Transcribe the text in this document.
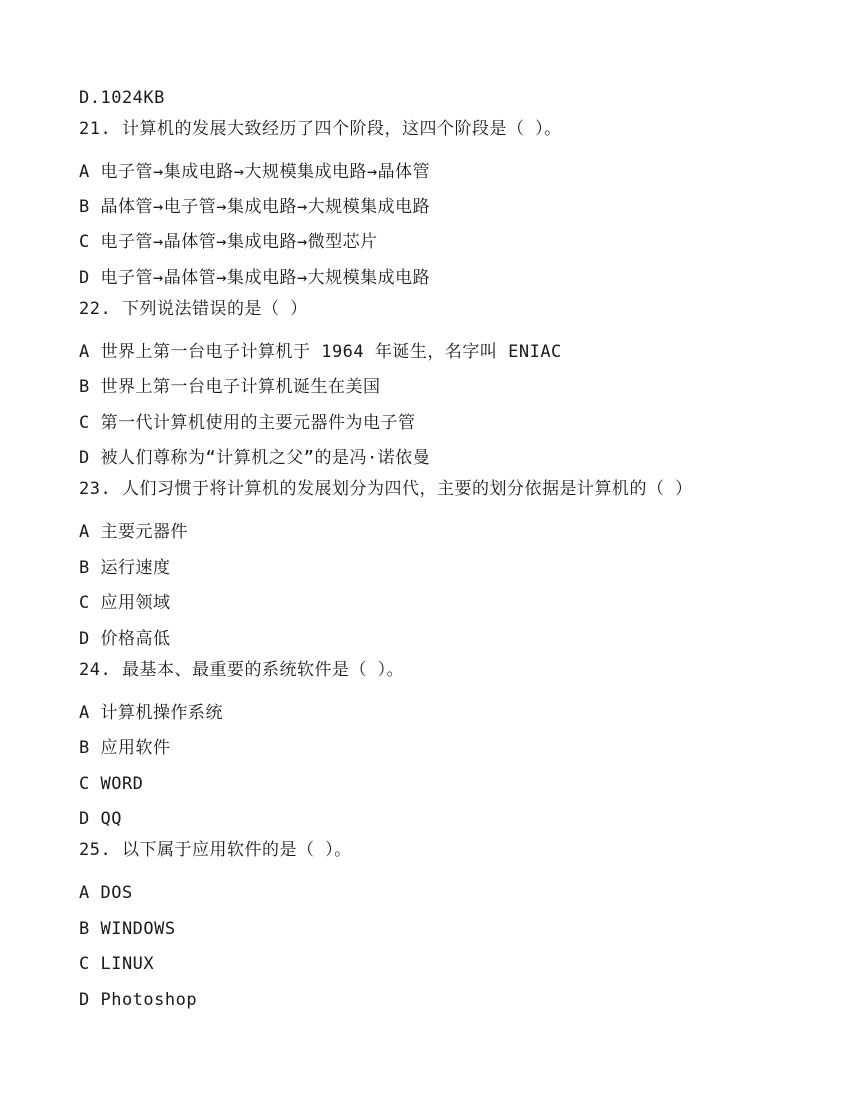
D.1024KB
21. 计算机的发展大致经历了四个阶段，这四个阶段是（ ）。
A 电子管→集成电路→大规模集成电路→晶体管
B 晶体管→电子管→集成电路→大规模集成电路
C 电子管→晶体管→集成电路→微型芯片
D 电子管→晶体管→集成电路→大规模集成电路
22. 下列说法错误的是（ ）
A 世界上第一台电子计算机于 1964 年诞生，名字叫 ENIAC
B 世界上第一台电子计算机诞生在美国
C 第一代计算机使用的主要元器件为电子管
D 被人们尊称为“计算机之父”的是冯·诺依曼
23. 人们习惯于将计算机的发展划分为四代，主要的划分依据是计算机的（ ）
A 主要元器件
B 运行速度
C 应用领域
D 价格高低
24. 最基本、最重要的系统软件是（ ）。
A 计算机操作系统
B 应用软件
C WORD
D QQ
25. 以下属于应用软件的是（ ）。
A DOS
B WINDOWS
C LINUX
D Photoshop
